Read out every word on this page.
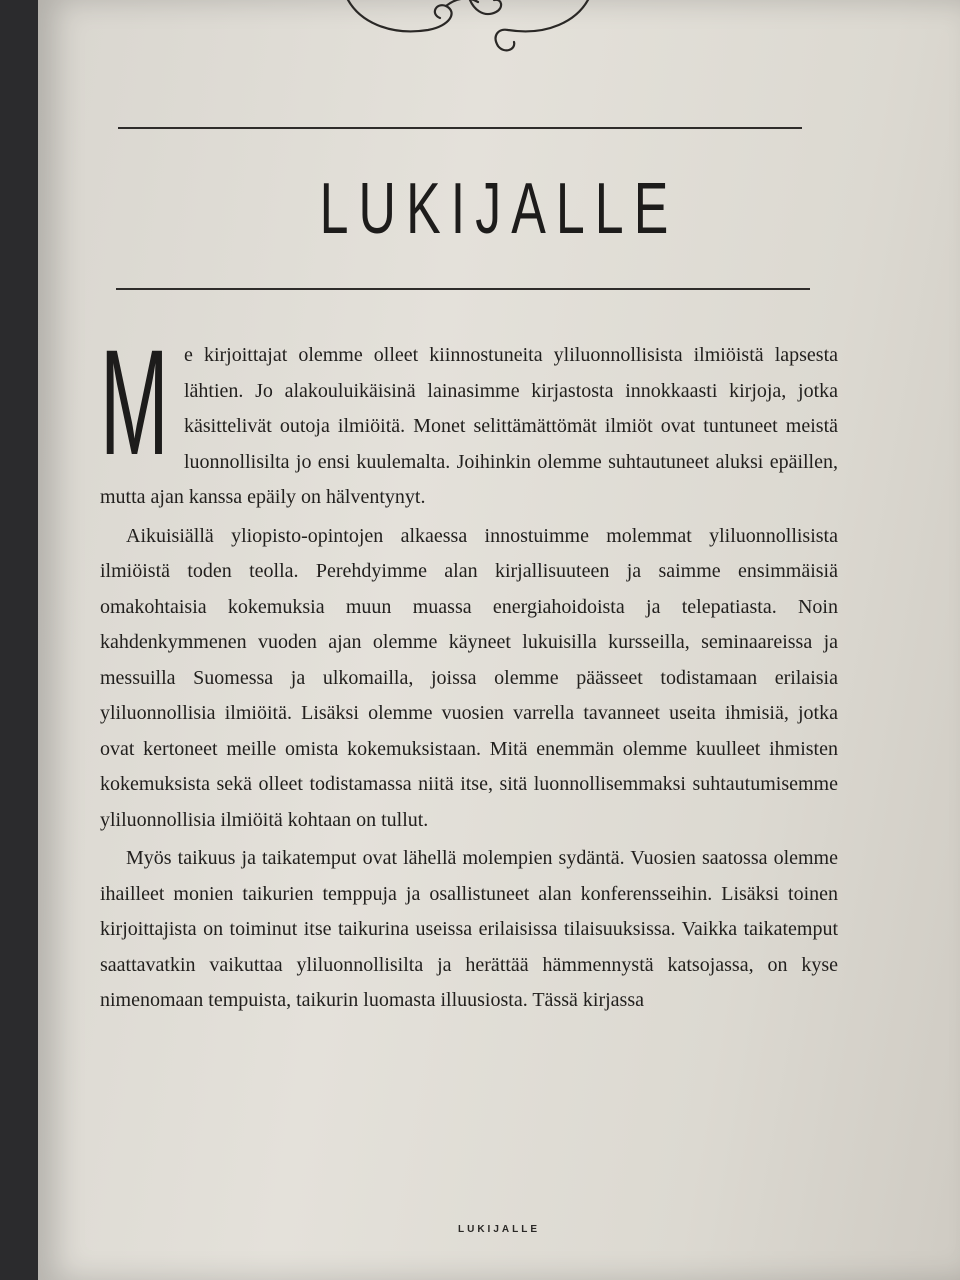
LUKIJALLE

Me kirjoittajat olemme olleet kiinnostuneita yliluonnollisista ilmiöistä lapsesta lähtien. Jo alakouluikäisinä lainasimme kirjastosta innokkaasti kirjoja, jotka käsittelivät outoja ilmiöitä. Monet selittämättömät ilmiöt ovat tuntuneet meistä luonnollisilta jo ensi kuulemalta. Joihinkin olemme suhtautuneet aluksi epäillen, mutta ajan kanssa epäily on hälventynyt.

Aikuisiällä yliopisto-opintojen alkaessa innostuimme molemmat yliluonnollisista ilmiöistä toden teolla. Perehdyimme alan kirjallisuuteen ja saimme ensimmäisiä omakohtaisia kokemuksia muun muassa energiahoidoista ja telepatiasta. Noin kahdenkymmenen vuoden ajan olemme käyneet lukuisilla kursseilla, seminaareissa ja messuilla Suomessa ja ulkomailla, joissa olemme päässeet todistamaan erilaisia yliluonnollisia ilmiöitä. Lisäksi olemme vuosien varrella tavanneet useita ihmisiä, jotka ovat kertoneet meille omista kokemuksistaan. Mitä enemmän olemme kuulleet ihmisten kokemuksista sekä olleet todistamassa niitä itse, sitä luonnollisemmaksi suhtautumisemme yliluonnollisia ilmiöitä kohtaan on tullut.

Myös taikuus ja taikatemput ovat lähellä molempien sydäntä. Vuosien saatossa olemme ihailleet monien taikurien temppuja ja osallistuneet alan konferensseihin. Lisäksi toinen kirjoittajista on toiminut itse taikurina useissa erilaisissa tilaisuuksissa. Vaikka taikatemput saattavatkin vaikuttaa yliluonnollisilta ja herättää hämmennystä katsojassa, on kyse nimenomaan tempuista, taikurin luomasta illuusiosta. Tässä kirjassa

LUKIJALLE
